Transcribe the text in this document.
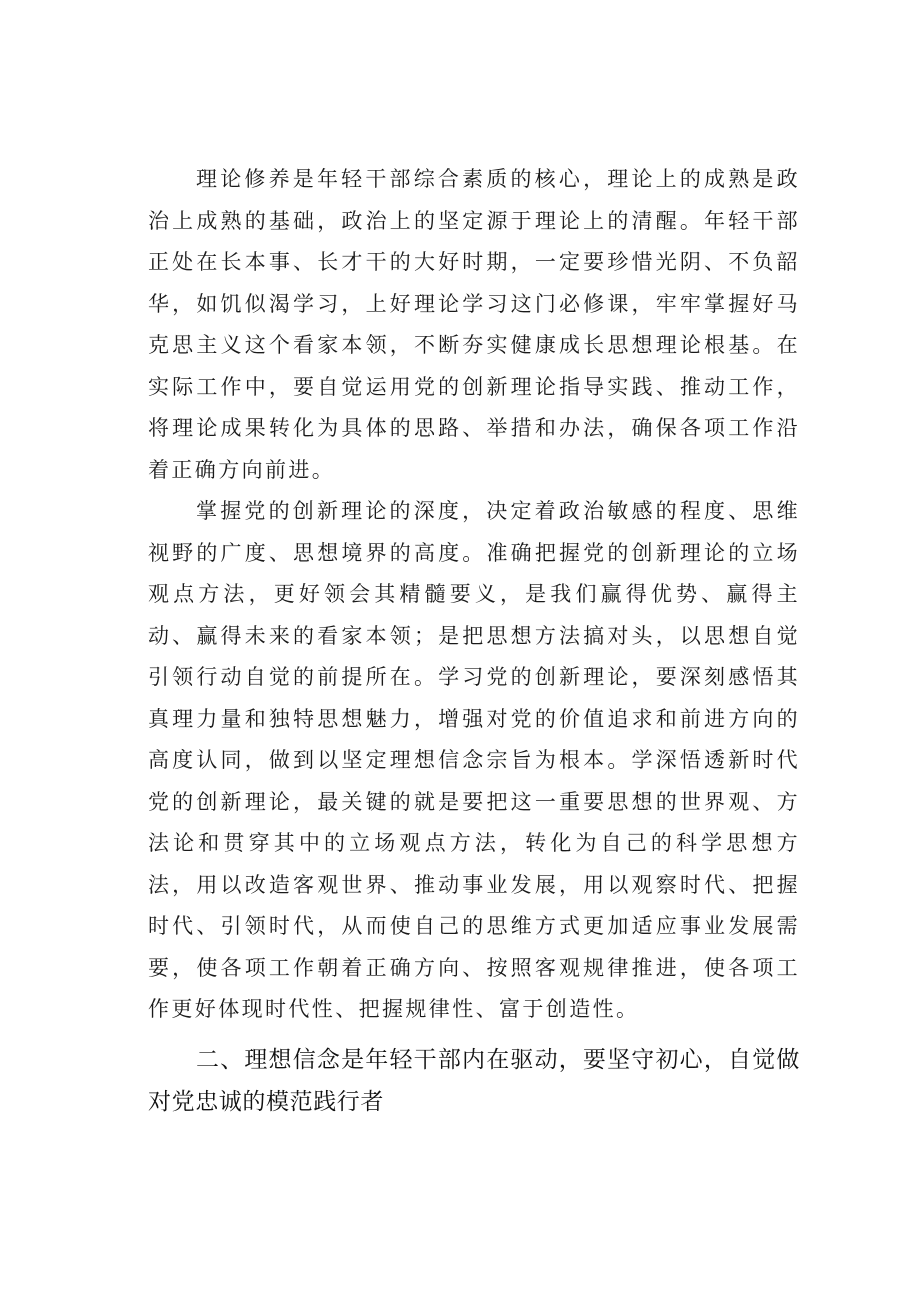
理论修养是年轻干部综合素质的核心，理论上的成熟是政治上成熟的基础，政治上的坚定源于理论上的清醒。年轻干部正处在长本事、长才干的大好时期，一定要珍惜光阴、不负韶华，如饥似渴学习，上好理论学习这门必修课，牢牢掌握好马克思主义这个看家本领，不断夯实健康成长思想理论根基。在实际工作中，要自觉运用党的创新理论指导实践、推动工作，将理论成果转化为具体的思路、举措和办法，确保各项工作沿着正确方向前进。

掌握党的创新理论的深度，决定着政治敏感的程度、思维视野的广度、思想境界的高度。准确把握党的创新理论的立场观点方法，更好领会其精髓要义，是我们赢得优势、赢得主动、赢得未来的看家本领；是把思想方法搞对头，以思想自觉引领行动自觉的前提所在。学习党的创新理论，要深刻感悟其真理力量和独特思想魅力，增强对党的价值追求和前进方向的高度认同，做到以坚定理想信念宗旨为根本。学深悟透新时代党的创新理论，最关键的就是要把这一重要思想的世界观、方法论和贯穿其中的立场观点方法，转化为自己的科学思想方法，用以改造客观世界、推动事业发展，用以观察时代、把握时代、引领时代，从而使自己的思维方式更加适应事业发展需要，使各项工作朝着正确方向、按照客观规律推进，使各项工作更好体现时代性、把握规律性、富于创造性。

二、理想信念是年轻干部内在驱动，要坚守初心，自觉做对党忠诚的模范践行者
